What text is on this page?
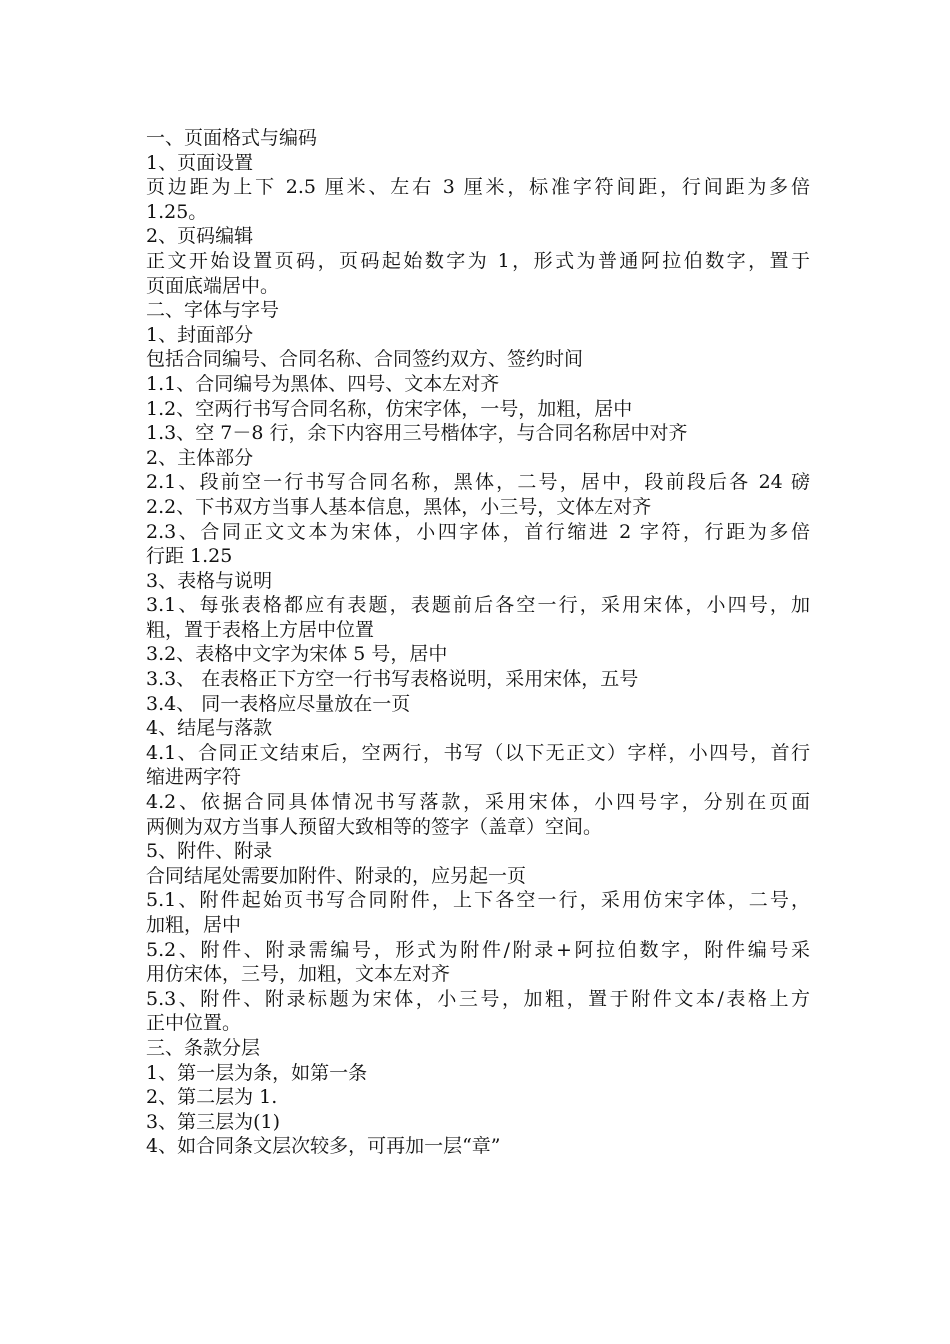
一、页面格式与编码
1、页面设置
页边距为上下 2.5 厘米、左右 3 厘米，标准字符间距，行间距为多倍
1.25。
2、页码编辑
正文开始设置页码，页码起始数字为 1，形式为普通阿拉伯数字，置于
页面底端居中。
二、字体与字号
1、封面部分
包括合同编号、合同名称、合同签约双方、签约时间
1.1、合同编号为黑体、四号、文本左对齐
1.2、空两行书写合同名称，仿宋字体，一号，加粗，居中
1.3、空 7－8 行，余下内容用三号楷体字，与合同名称居中对齐
2、主体部分
2.1、段前空一行书写合同名称，黑体，二号，居中，段前段后各 24 磅
2.2、下书双方当事人基本信息，黑体，小三号，文体左对齐
2.3、合同正文文本为宋体，小四字体，首行缩进 2 字符，行距为多倍
行距 1.25
3、表格与说明
3.1、每张表格都应有表题，表题前后各空一行，采用宋体，小四号，加
粗，置于表格上方居中位置
3.2、表格中文字为宋体 5 号，居中
3.3、 在表格正下方空一行书写表格说明，采用宋体，五号
3.4、 同一表格应尽量放在一页
4、结尾与落款
4.1、合同正文结束后，空两行，书写（以下无正文）字样，小四号，首行
缩进两字符
4.2、依据合同具体情况书写落款，采用宋体，小四号字，分别在页面
两侧为双方当事人预留大致相等的签字（盖章）空间。
5、附件、附录
合同结尾处需要加附件、附录的，应另起一页
5.1、附件起始页书写合同附件，上下各空一行，采用仿宋字体，二号，
加粗，居中
5.2、附件、附录需编号，形式为附件/附录+阿拉伯数字，附件编号采
用仿宋体，三号，加粗，文本左对齐
5.3、附件、附录标题为宋体，小三号，加粗，置于附件文本/表格上方
正中位置。
三、条款分层
1、第一层为条，如第一条
2、第二层为 1.
3、第三层为(1)
4、如合同条文层次较多，可再加一层“章”
